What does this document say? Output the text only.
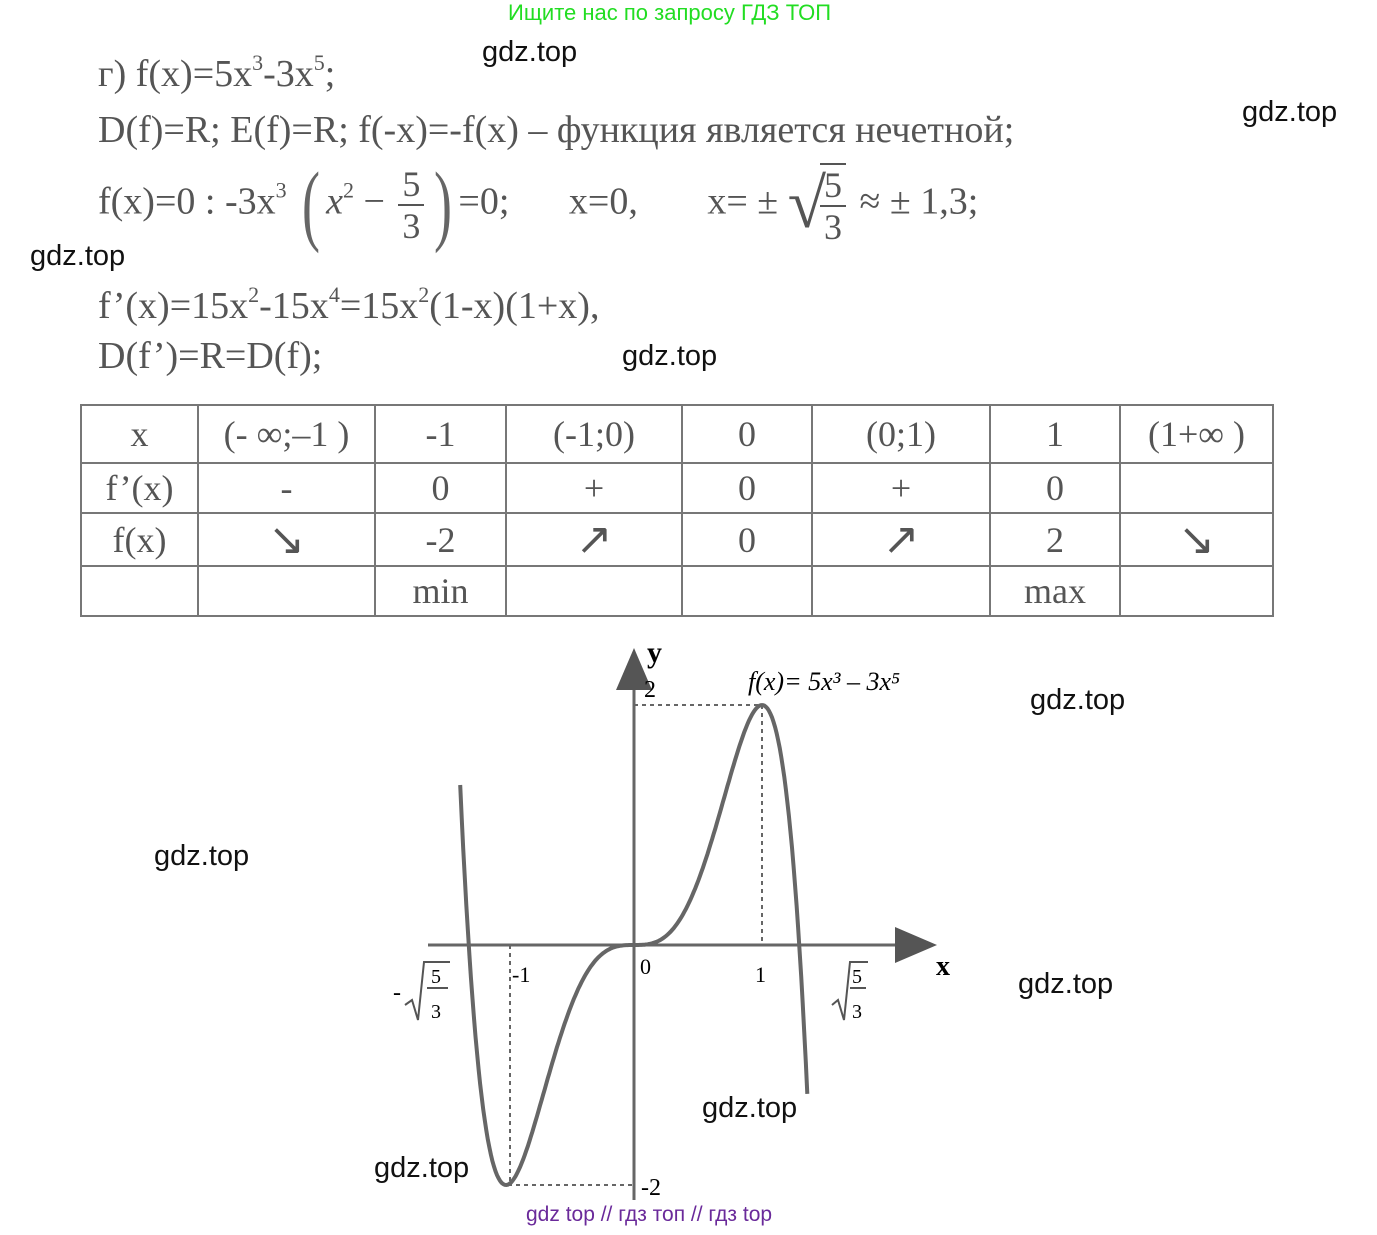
Ищите нас по запросу ГДЗ ТОП
г) $f(x)=5x^3-3x^5$;
D(f)=R; E(f)=R; f(-x)=-f(x) – функция является нечетной;
f(x)=0 : $-3x^3$ ( $x^2 - \frac{5}{3}$ ) =0; x=0, x= ± √
$\frac{5}{3}$ ≈ ± 1,3;
$f’(x)=15x^2-15x^4=15x^2(1-x)(1+x)$,
D(f’)=R=D(f);
x	(- ∞;–1 )	-1	(-1;0)	0	(0;1)	1	(1+∞ )
f’(x)	-	0	+	0	+	0	
f(x)	↘	-2	↗	0	↗	2	↘
		min				max	
f(x)= 5x³ – 3x⁵
y
x
2
-2
0	1
-1
-
5
3
5
3
gdz.top
gdz.top
gdz.top
gdz.top
gdz.top
gdz.top
gdz.top
gdz.top
gdz.top
gdz top // гдз топ // гдз top
